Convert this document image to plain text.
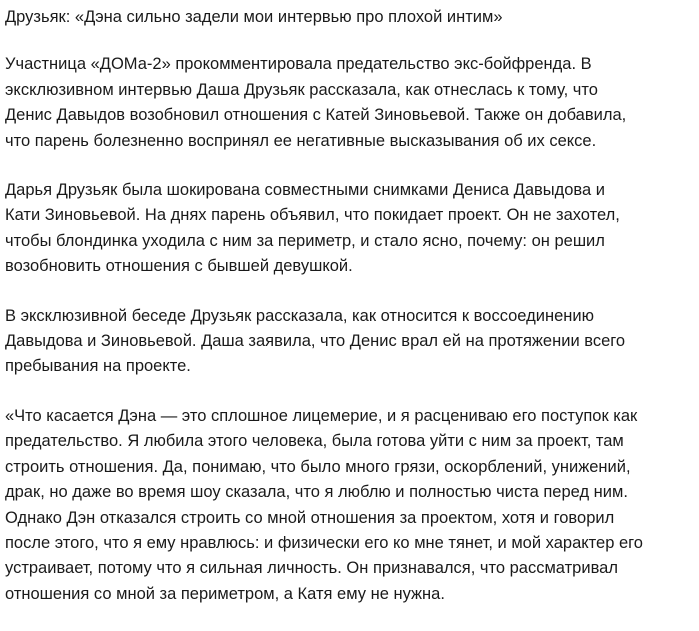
Друзьяк: «Дэна сильно задели мои интервью про плохой интим»
Участница «ДОМа-2» прокомментировала предательство экс-бойфренда. В
эксклюзивном интервью Даша Друзьяк рассказала, как отнеслась к тому, что
Денис Давыдов возобновил отношения с Катей Зиновьевой. Также он добавила,
что парень болезненно воспринял ее негативные высказывания об их сексе.
Дарья Друзьяк была шокирована совместными снимками Дениса Давыдова и
Кати Зиновьевой. На днях парень объявил, что покидает проект. Он не захотел,
чтобы блондинка уходила с ним за периметр, и стало ясно, почему: он решил
возобновить отношения с бывшей девушкой.
В эксклюзивной беседе Друзьяк рассказала, как относится к воссоединению
Давыдова и Зиновьевой. Даша заявила, что Денис врал ей на протяжении всего
пребывания на проекте.
«Что касается Дэна — это сплошное лицемерие, и я расцениваю его поступок как
предательство. Я любила этого человека, была готова уйти с ним за проект, там
строить отношения. Да, понимаю, что было много грязи, оскорблений, унижений,
драк, но даже во время шоу сказала, что я люблю и полностью чиста перед ним.
Однако Дэн отказался строить со мной отношения за проектом, хотя и говорил
после этого, что я ему нравлюсь: и физически его ко мне тянет, и мой характер его
устраивает, потому что я сильная личность. Он признавался, что рассматривал
отношения со мной за периметром, а Катя ему не нужна.
